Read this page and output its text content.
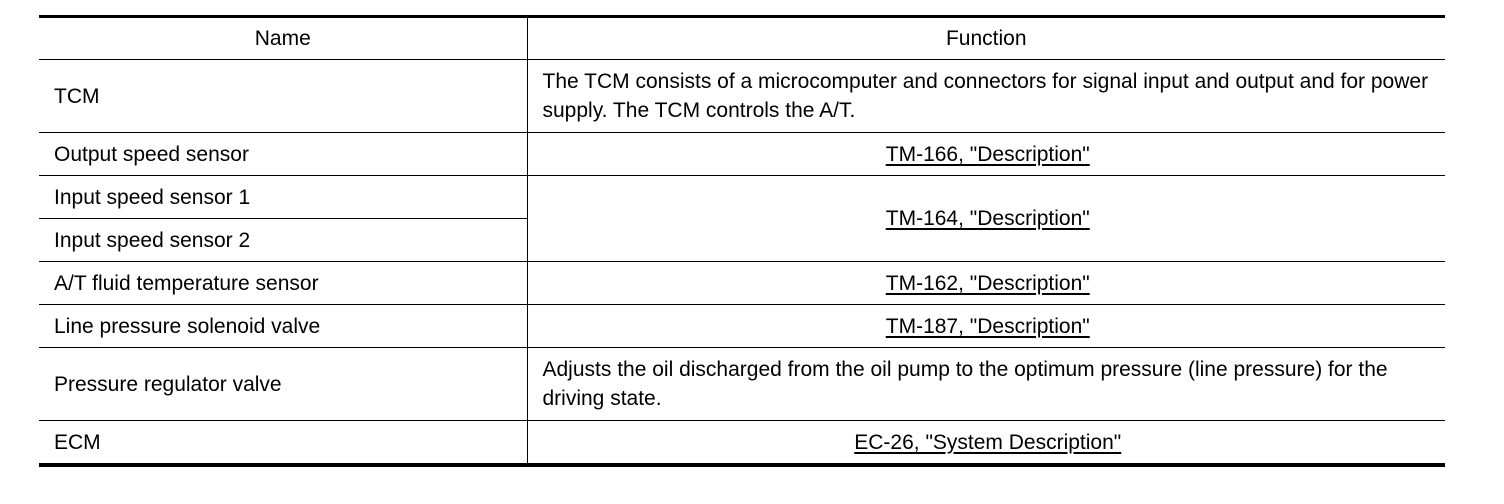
Name	Function
TCM	The TCM consists of a microcomputer and connectors for signal input and output and for power supply. The TCM controls the A/T.
Output speed sensor	TM-166, "Description"
Input speed sensor 1	TM-164, "Description"
Input speed sensor 2	
A/T fluid temperature sensor	TM-162, "Description"
Line pressure solenoid valve	TM-187, "Description"
Pressure regulator valve	Adjusts the oil discharged from the oil pump to the optimum pressure (line pressure) for the driving state.
ECM	EC-26, "System Description"
